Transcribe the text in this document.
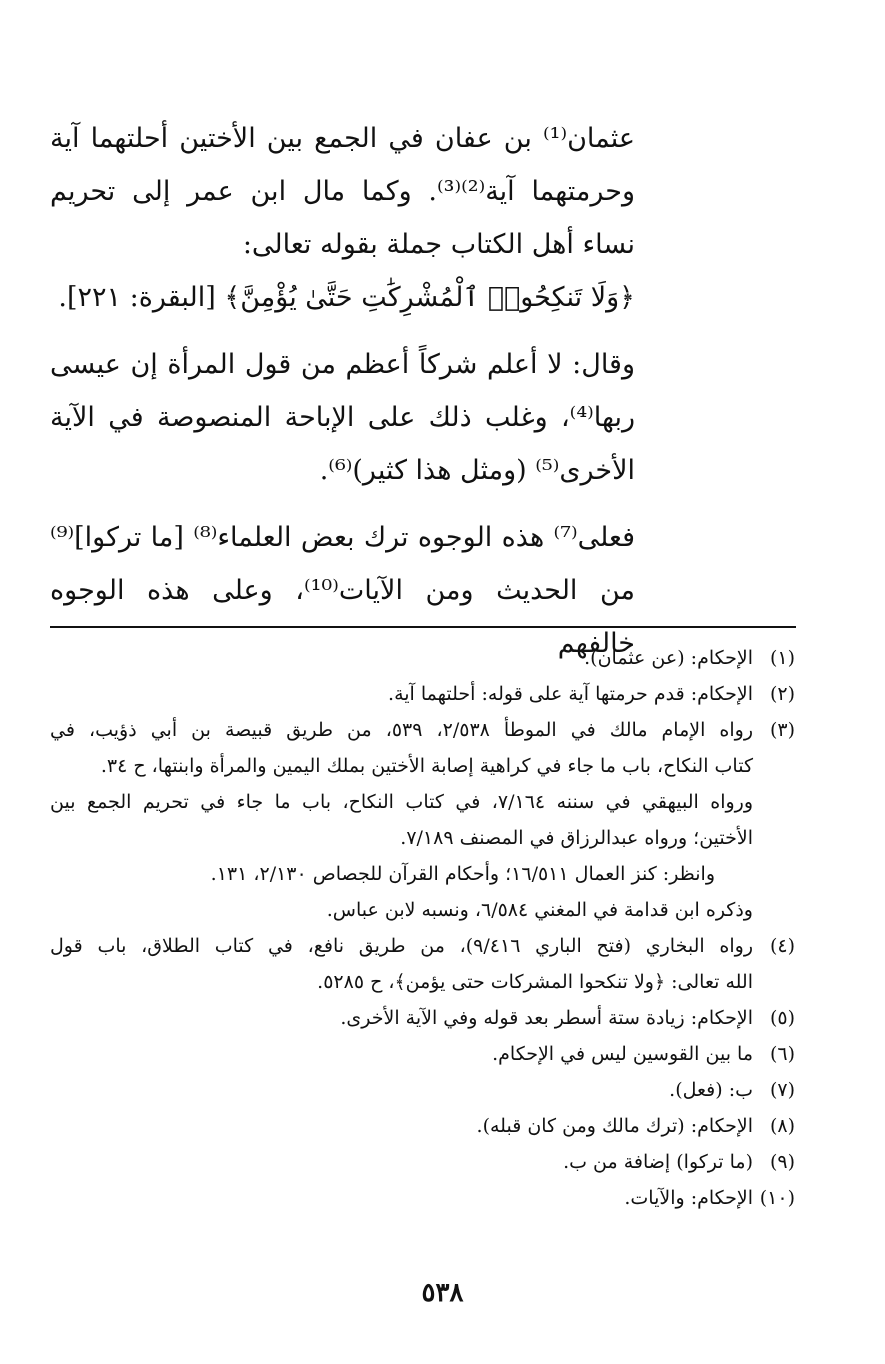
عثمان⁽¹⁾ بن عفان في الجمع بين الأختين أحلتهما آية وحرمتهما آية⁽²⁾⁽³⁾. وكما مال ابن عمر إلى تحريم نساء أهل الكتاب جملة بقوله تعالى:

﴿وَلَا تَنكِحُوا۟ ٱلْمُشْرِكَٰتِ حَتَّىٰ يُؤْمِنَّ﴾ [البقرة: ٢٢١].

وقال: لا أعلم شركاً أعظم من قول المرأة إن عيسى ربها⁽⁴⁾، وغلب ذلك على الإباحة المنصوصة في الآية الأخرى⁽⁵⁾ (ومثل هذا كثير)⁽⁶⁾.

فعلى⁽⁷⁾ هذه الوجوه ترك بعض العلماء⁽⁸⁾ [ما تركوا]⁽⁹⁾ من الحديث ومن الآيات⁽¹⁰⁾، وعلى هذه الوجوه خالفهم	(١)
الإحكام: (عن عثمان).
(٢)
الإحكام: قدم حرمتها آية على قوله: أحلتهما آية.
(٣)
رواه الإمام مالك في الموطأ ٢/٥٣٨، ٥٣٩، من طريق قبيصة بن أبي ذؤيب، في
كتاب النكاح، باب ما جاء في كراهية إصابة الأختين بملك اليمين والمرأة وابنتها، ح ٣٤.
ورواه البيهقي في سننه ٧/١٦٤، في كتاب النكاح، باب ما جاء في تحريم الجمع بين
الأختين؛ ورواه عبدالرزاق في المصنف ٧/١٨٩.
وانظر: كنز العمال ١٦/٥١١؛ وأحكام القرآن للجصاص ٢/١٣٠، ١٣١.
وذكره ابن قدامة في المغني ٦/٥٨٤، ونسبه لابن عباس.
(٤)
رواه البخاري (فتح الباري ٩/٤١٦)، من طريق نافع، في كتاب الطلاق، باب قول
الله تعالى: ﴿ولا تنكحوا المشركات حتى يؤمن﴾، ح ٥٢٨٥.
(٥)
الإحكام: زيادة ستة أسطر بعد قوله وفي الآية الأخرى.
(٦)
ما بين القوسين ليس في الإحكام.
(٧)
ب: (فعل).
(٨)
الإحكام: (ترك مالك ومن كان قبله).
(٩)
(ما تركوا) إضافة من ب.
(١٠)
الإحكام: والآيات.
٥٣٨
